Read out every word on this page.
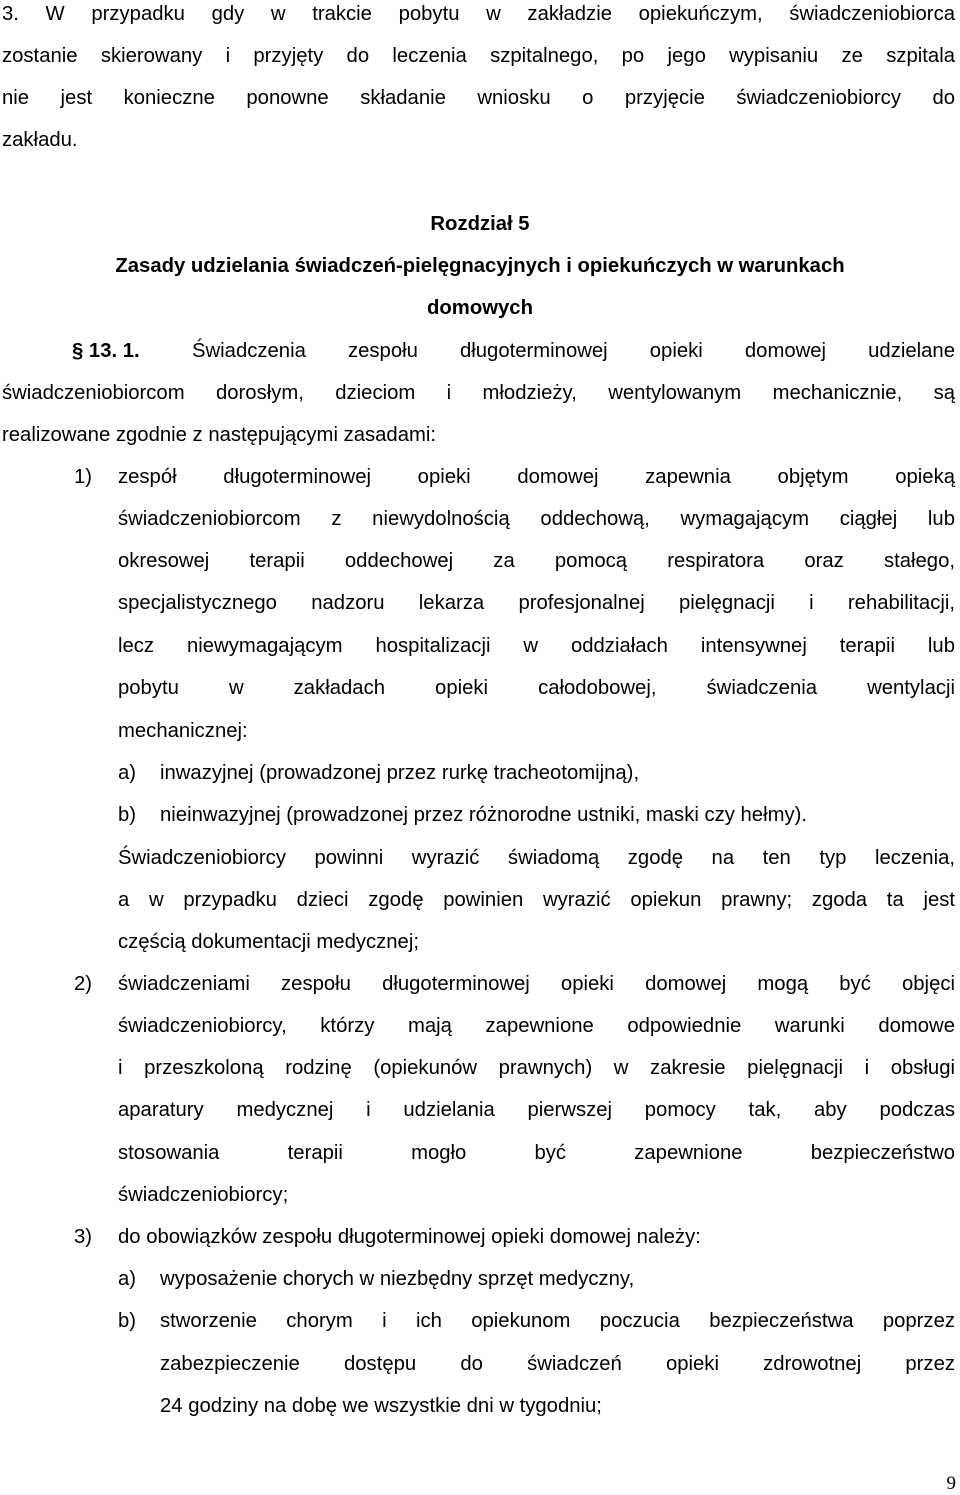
3. W przypadku gdy w trakcie pobytu w zakładzie opiekuńczym, świadczeniobiorca
zostanie skierowany i przyjęty do leczenia szpitalnego, po jego wypisaniu ze szpitala
nie jest konieczne ponowne składanie wniosku o przyjęcie świadczeniobiorcy do
zakładu.
Rozdział 5
Zasady udzielania świadczeń-pielęgnacyjnych i opiekuńczych w warunkach
domowych
§ 13. 1.	Świadczenia zespołu długoterminowej opieki domowej udzielane
świadczeniobiorcom dorosłym, dzieciom i młodzieży, wentylowanym mechanicznie, są
realizowane zgodnie z następującymi zasadami:
1) zespół długoterminowej opieki domowej zapewnia objętym opieką
świadczeniobiorcom z niewydolnością oddechową, wymagającym ciągłej lub
okresowej terapii oddechowej za pomocą respiratora oraz stałego,
specjalistycznego nadzoru lekarza profesjonalnej pielęgnacji i rehabilitacji,
lecz niewymagającym hospitalizacji w oddziałach intensywnej terapii lub
pobytu w zakładach opieki całodobowej, świadczenia wentylacji
mechanicznej:
a) inwazyjnej (prowadzonej przez rurkę tracheotomijną),
b) nieinwazyjnej (prowadzonej przez różnorodne ustniki, maski czy hełmy).
Świadczeniobiorcy powinni wyrazić świadomą zgodę na ten typ leczenia,
a w przypadku dzieci zgodę powinien wyrazić opiekun prawny; zgoda ta jest
częścią dokumentacji medycznej;
2) świadczeniami zespołu długoterminowej opieki domowej mogą być objęci
świadczeniobiorcy, którzy mają zapewnione odpowiednie warunki domowe
i przeszkoloną rodzinę (opiekunów prawnych) w zakresie pielęgnacji i obsługi
aparatury medycznej i udzielania pierwszej pomocy tak, aby podczas
stosowania terapii mogło być zapewnione bezpieczeństwo
świadczeniobiorcy;
3) do obowiązków zespołu długoterminowej opieki domowej należy:
a) wyposażenie chorych w niezbędny sprzęt medyczny,
b) stworzenie chorym i ich opiekunom poczucia bezpieczeństwa poprzez
zabezpieczenie dostępu do świadczeń opieki zdrowotnej przez
24 godziny na dobę we wszystkie dni w tygodniu;
9
